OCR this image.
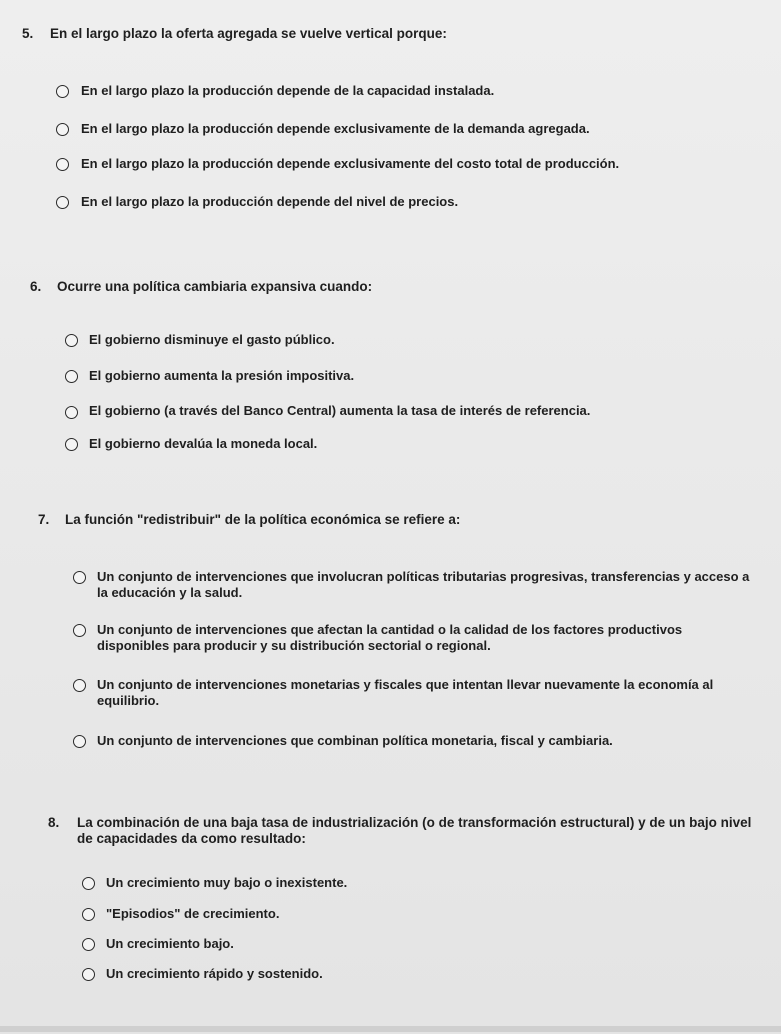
5. En el largo plazo la oferta agregada se vuelve vertical porque:
En el largo plazo la producción depende de la capacidad instalada.
En el largo plazo la producción depende exclusivamente de la demanda agregada.
En el largo plazo la producción depende exclusivamente del costo total de producción.
En el largo plazo la producción depende del nivel de precios.
6. Ocurre una política cambiaria expansiva cuando:
El gobierno disminuye el gasto público.
El gobierno aumenta la presión impositiva.
El gobierno (a través del Banco Central) aumenta la tasa de interés de referencia.
El gobierno devalúa la moneda local.
7. La función "redistribuir" de la política económica se refiere a:
Un conjunto de intervenciones que involucran políticas tributarias progresivas, transferencias y acceso a la educación y la salud.
Un conjunto de intervenciones que afectan la cantidad o la calidad de los factores productivos disponibles para producir y su distribución sectorial o regional.
Un conjunto de intervenciones monetarias y fiscales que intentan llevar nuevamente la economía al equilibrio.
Un conjunto de intervenciones que combinan política monetaria, fiscal y cambiaria.
8. La combinación de una baja tasa de industrialización (o de transformación estructural) y de un bajo nivel de capacidades da como resultado:
Un crecimiento muy bajo o inexistente.
"Episodios" de crecimiento.
Un crecimiento bajo.
Un crecimiento rápido y sostenido.
